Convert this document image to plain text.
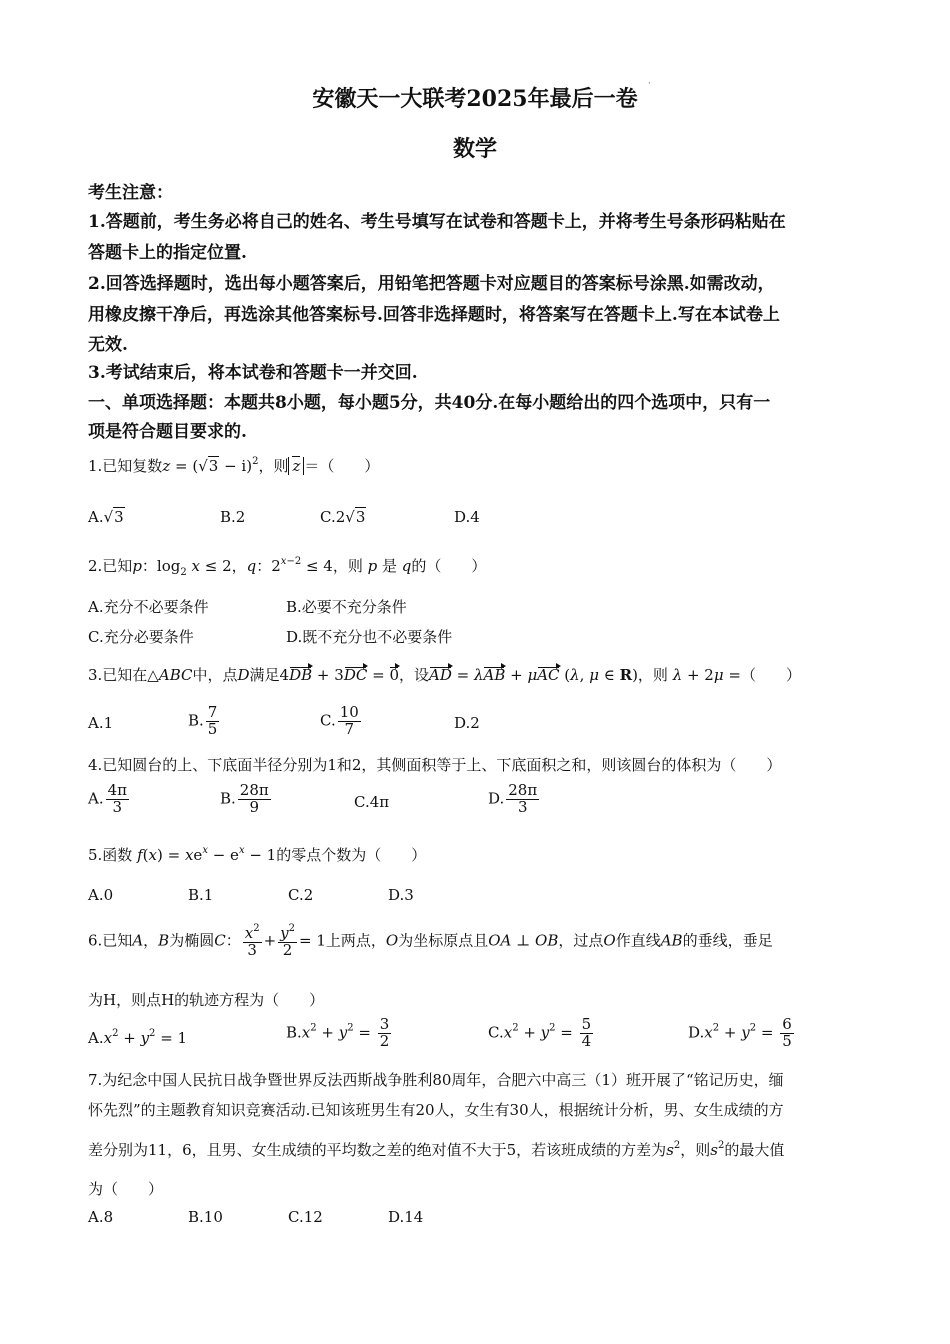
·
安徽天一大联考2025年最后一卷
数学
考生注意：
1.答题前，考生务必将自己的姓名、考生号填写在试卷和答题卡上，并将考生号条形码粘贴在
答题卡上的指定位置.
2.回答选择题时，选出每小题答案后，用铅笔把答题卡对应题目的答案标号涂黑.如需改动，
用橡皮擦干净后，再选涂其他答案标号.回答非选择题时，将答案写在答题卡上.写在本试卷上
无效.
3.考试结束后，将本试卷和答题卡一并交回.
一、单项选择题：本题共8小题，每小题5分，共40分.在每小题给出的四个选项中，只有一
项是符合题目要求的.
1.已知复数$z = (√3 - i)^2$，则 z ＝（　　）
A.√3	B.2	C.2√3	D.4
2.已知p：$\log_2 x \le 2$，q：$2^{x-2} \le 4$，则 p 是 q的（　　）
A.充分不必要条件	B.必要不充分条件
C.充分必要条件	D.既不充分也不必要条件
3.已知在△ABC中，点D满足4DB + 3DC = 0，设AD = λAB + μAC (λ, μ ∈ R)，则 λ + 2μ =（　　）
A.1	B. $\frac{7}{5}$	C. $\frac{10}{7}$	D.2
4.已知圆台的上、下底面半径分别为1和2，其侧面积等于上、下底面积之和，则该圆台的体积为（　　）
A. $\frac{4\pi}{3}$	B. $\frac{28\pi}{9}$	C.4π	D. $\frac{28\pi}{3}$
5.函数 $f(x) = xe^x - e^x - 1$的零点个数为（　　）
A.0	B.1	C.2	D.3
6.已知A，B为椭圆C： $\frac{x^2}{3} + \frac{y^2}{2} = 1$上两点，O为坐标原点且OA ⊥ OB，过点O作直线AB的垂线，垂足
为H，则点H的轨迹方程为（　　）
$A.x^2 + y^2 = 1$	$B.x^2 + y^2 = \frac{3}{2}$	$C.x^2 + y^2 = \frac{5}{4}$	$D.x^2 + y^2 = \frac{6}{5}$
7.为纪念中国人民抗日战争暨世界反法西斯战争胜利80周年，合肥六中高三（1）班开展了“铭记历史，缅
怀先烈”的主题教育知识竞赛活动.已知该班男生有20人，女生有30人，根据统计分析，男、女生成绩的方
差分别为11，6，且男、女生成绩的平均数之差的绝对值不大于5，若该班成绩的方差为$s^2$，则$s^2$的最大值
为（　　）
A.8	B.10	C.12	D.14
